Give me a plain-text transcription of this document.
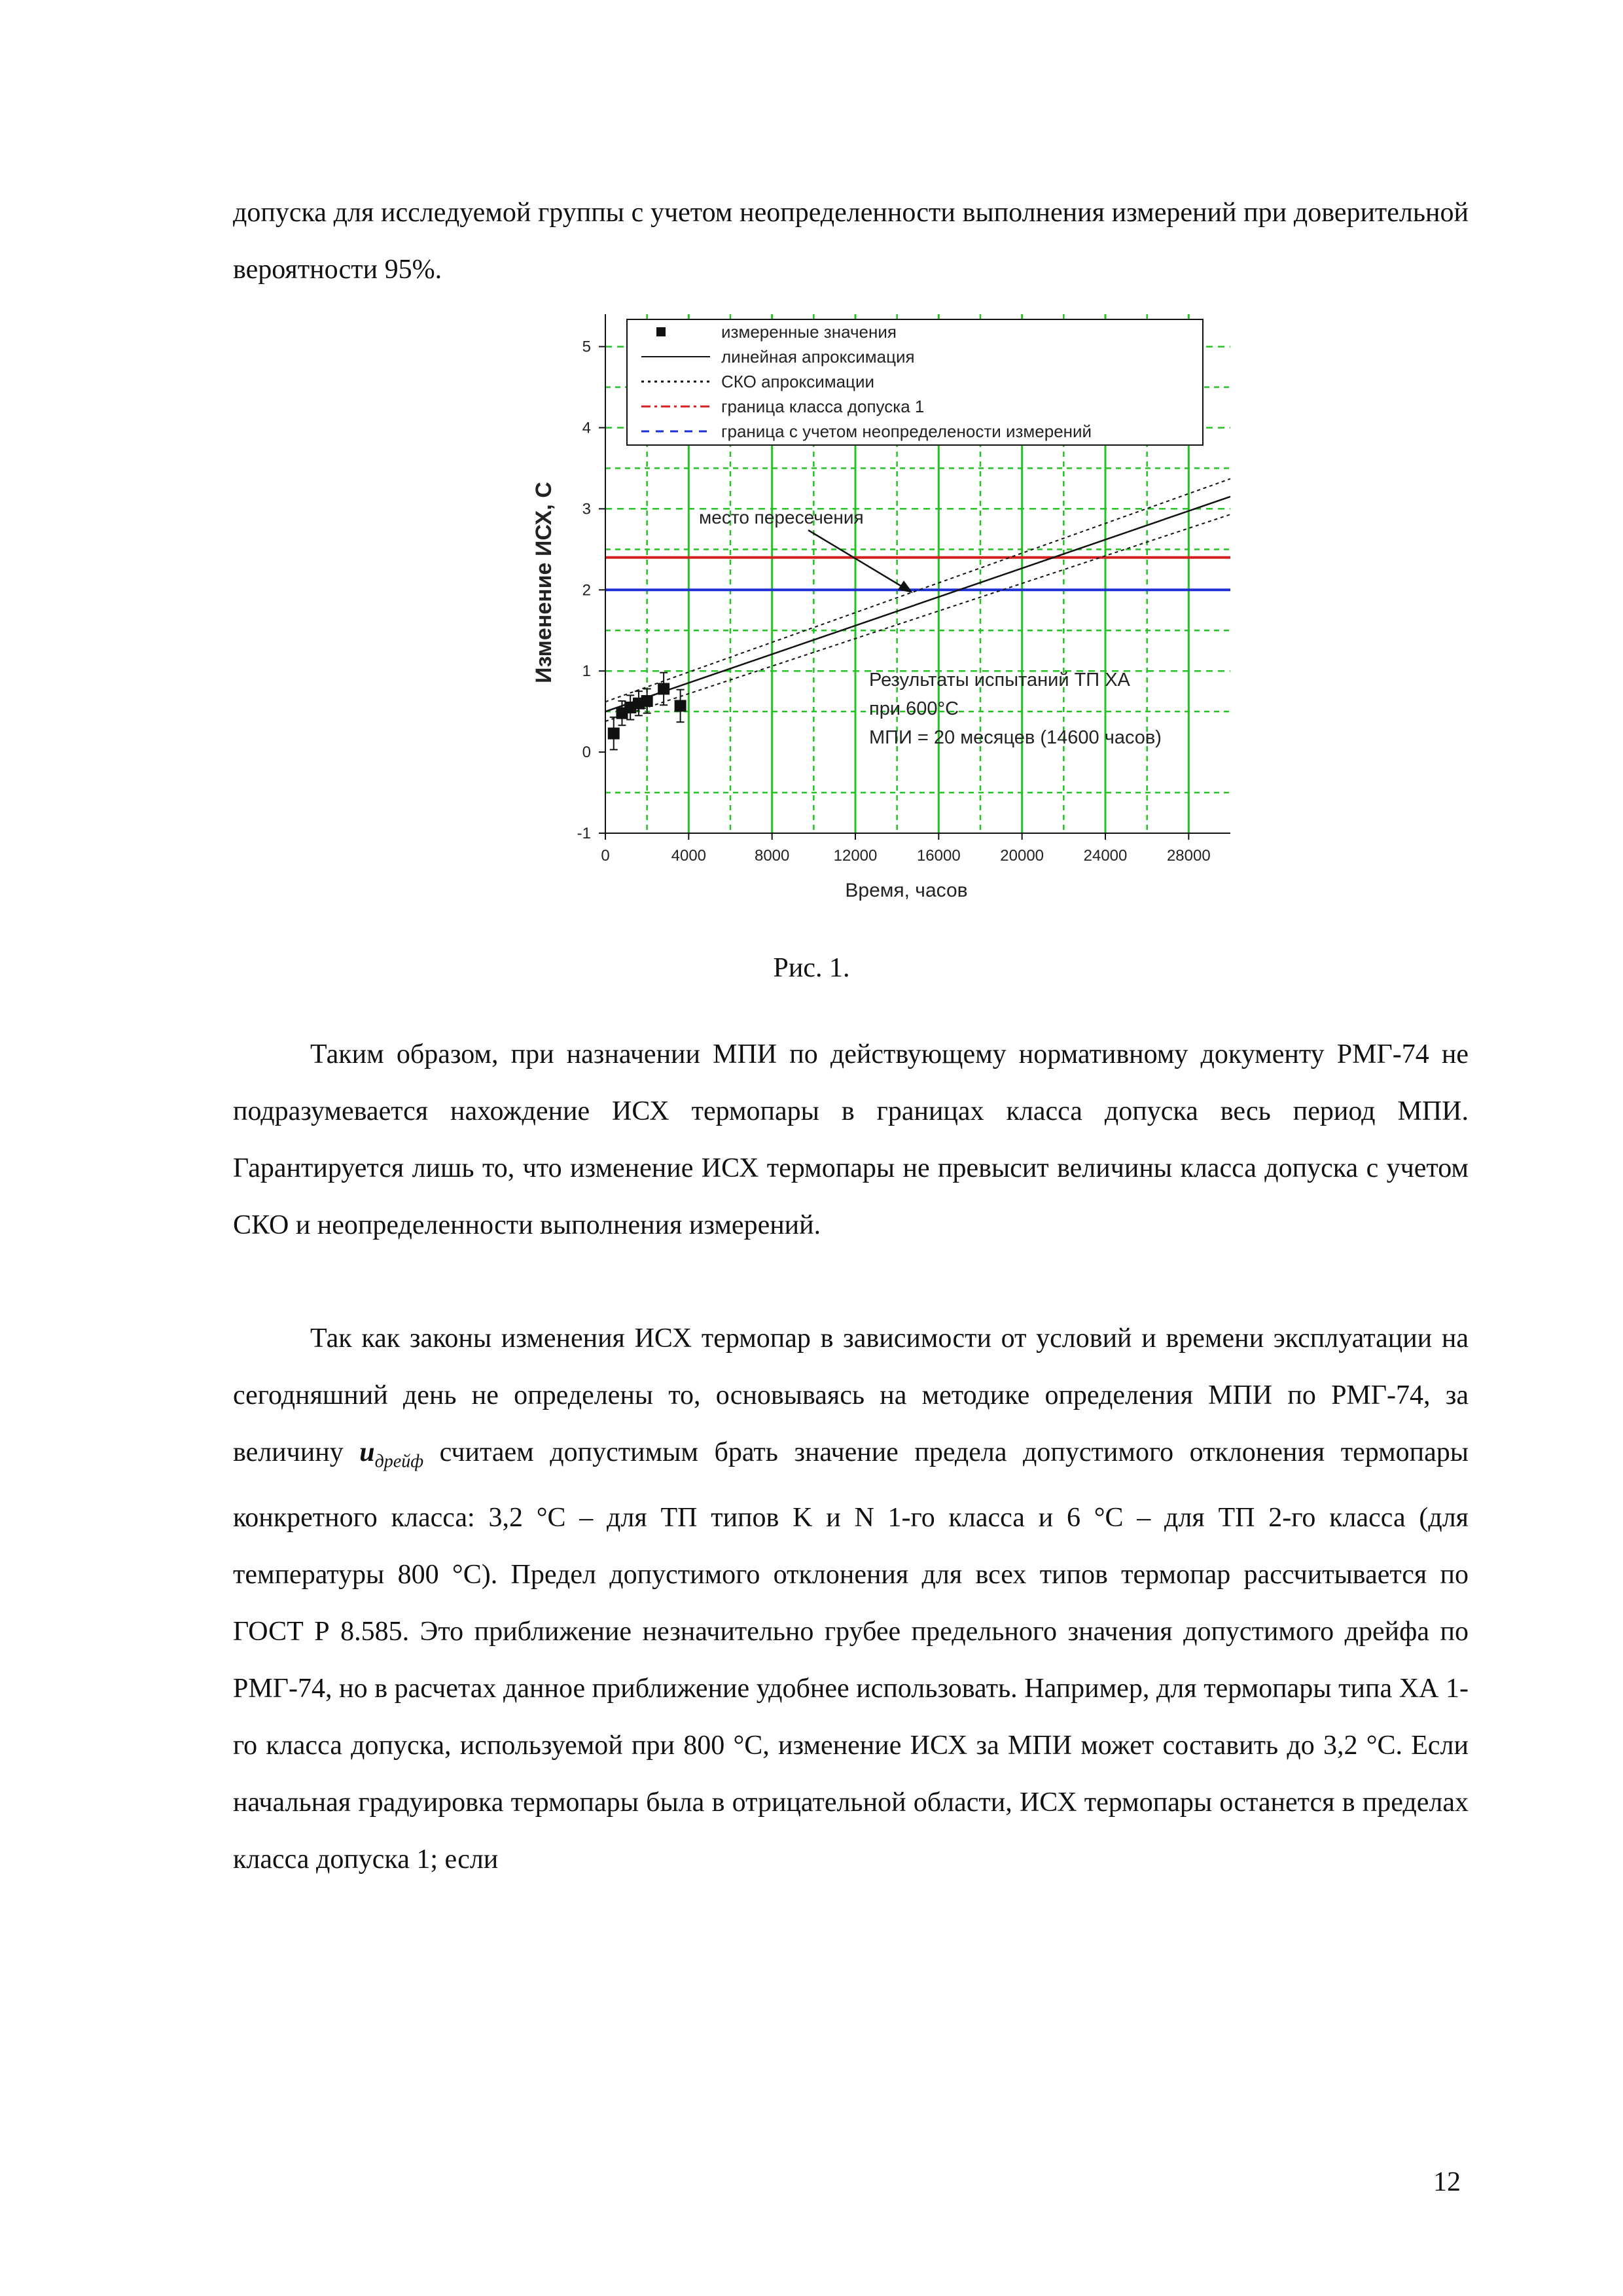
допуска для исследуемой группы с учетом неопределенности выполнения измерений при доверительной вероятности 95%.

0	4000	8000	12000	16000	20000	24000	28000
-1
0
1
2
3
4
5
Время, часов
Изменение ИСХ, С
измеренные значения
линейная апроксимация
СКО апроксимации
граница класса допуска 1
граница с учетом неопределеноcти измерений
место пересечения
Результаты испытаний ТП ХА
при 600°С
МПИ = 20 месяцев (14600 часов)
Рис. 1.

Таким образом, при назначении МПИ по действующему нормативному документу РМГ-74 не подразумевается нахождение ИСХ термопары в границах класса допуска весь период МПИ. Гарантируется лишь то, что изменение ИСХ термопары не превысит величины класса допуска с учетом СКО и неопределенности выполнения измерений.

Так как законы изменения ИСХ термопар в зависимости от условий и времени эксплуатации на сегодняшний день не определены то, основываясь на методике определения МПИ по РМГ-74, за величину $u_{дрейф}$ считаем допустимым брать значение предела допустимого отклонения термопары конкретного класса: 3,2 °С – для ТП типов K и N 1-го класса и 6 °С – для ТП 2-го класса (для температуры 800 °С). Предел допустимого отклонения для всех типов термопар рассчитывается по ГОСТ Р 8.585. Это приближение незначительно грубее предельного значения допустимого дрейфа по РМГ-74, но в расчетах данное приближение удобнее использовать. Например, для термопары типа ХА 1-го класса допуска, используемой при 800 °С, изменение ИСХ за МПИ может составить до 3,2 °С. Если начальная градуировка термопары была в отрицательной области, ИСХ термопары останется в пределах класса допуска 1; если

12
